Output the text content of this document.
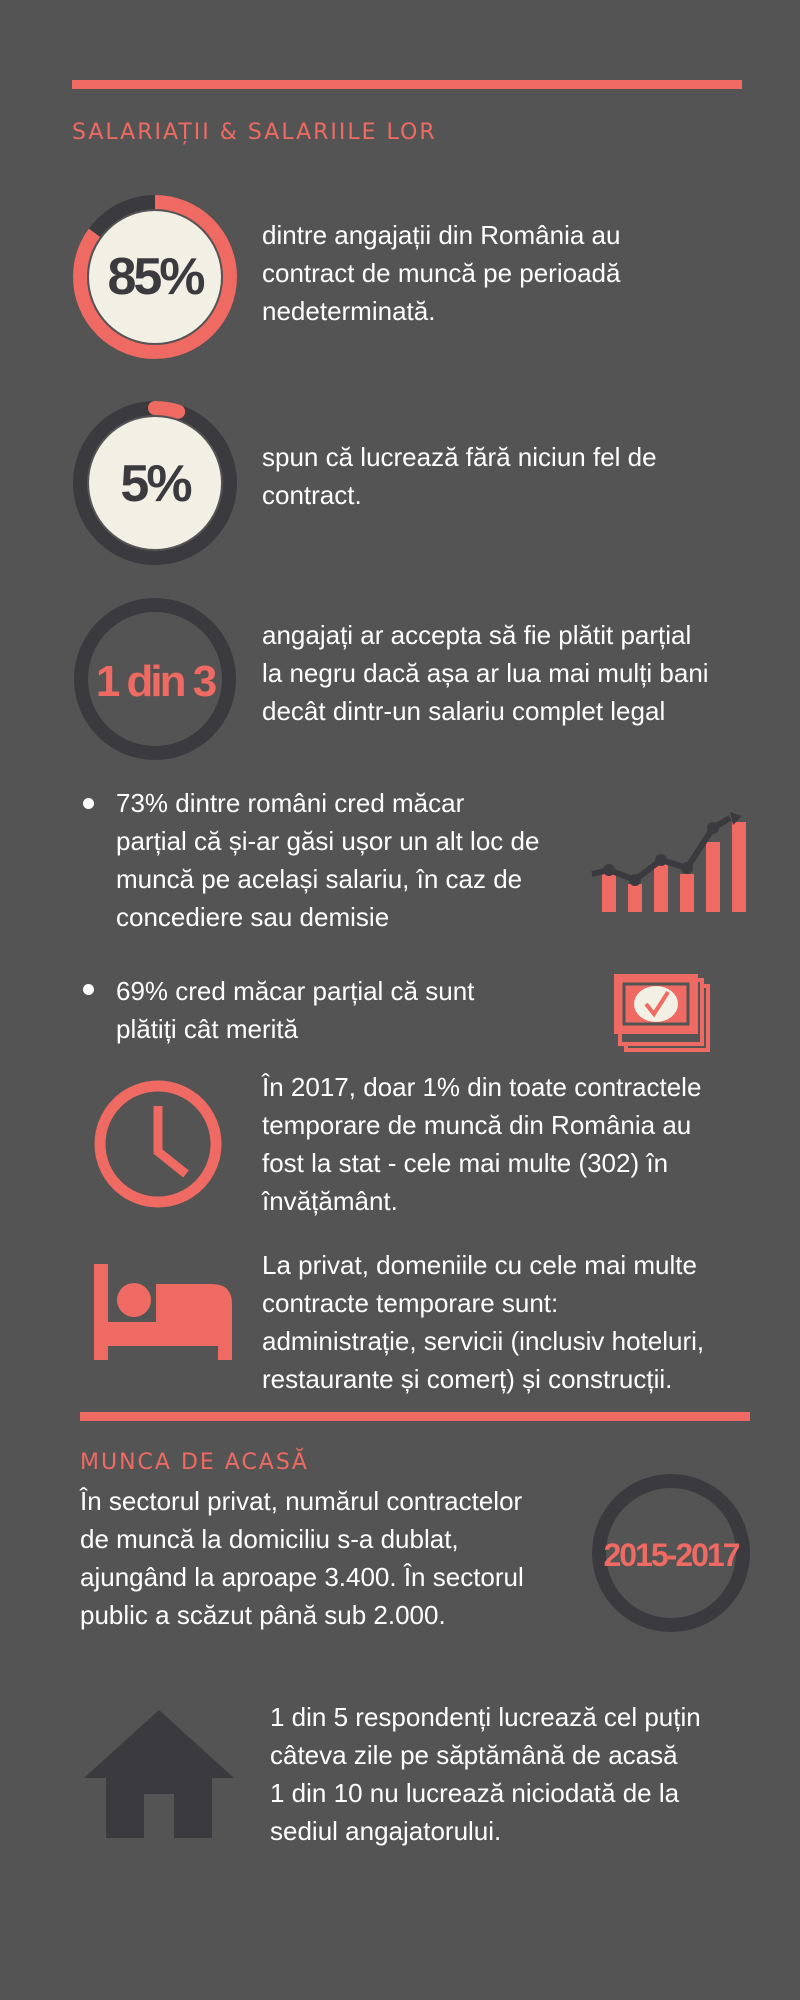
SALARIAȚII & SALARIILE LOR
85%
dintre angajații din România au
contract de muncă pe perioadă
nedeterminată.
5%	spun că lucrează fără niciun fel de
contract.
1 din 3
angajați ar accepta să fie plătit parțial
la negru dacă așa ar lua mai mulți bani
decât dintr-un salariu complet legal
73% dintre români cred măcar
parțial că și-ar găsi ușor un alt loc de
muncă pe același salariu, în caz de
concediere sau demisie
69% cred măcar parțial că sunt
plătiți cât merită
În 2017, doar 1% din toate contractele
temporare de muncă din România au
fost la stat - cele mai multe (302) în
învățământ.
La privat, domeniile cu cele mai multe
contracte temporare sunt:
administrație, servicii (inclusiv hoteluri,
restaurante și comerț) și construcții.
MUNCA DE ACASĂ
În sectorul privat, numărul contractelor
de muncă la domiciliu s-a dublat,
ajungând la aproape 3.400. În sectorul
public a scăzut până sub 2.000.
2015-2017
1 din 5 respondenți lucrează cel puțin
câteva zile pe săptămână de acasă
1 din 10 nu lucrează niciodată de la
sediul angajatorului.
